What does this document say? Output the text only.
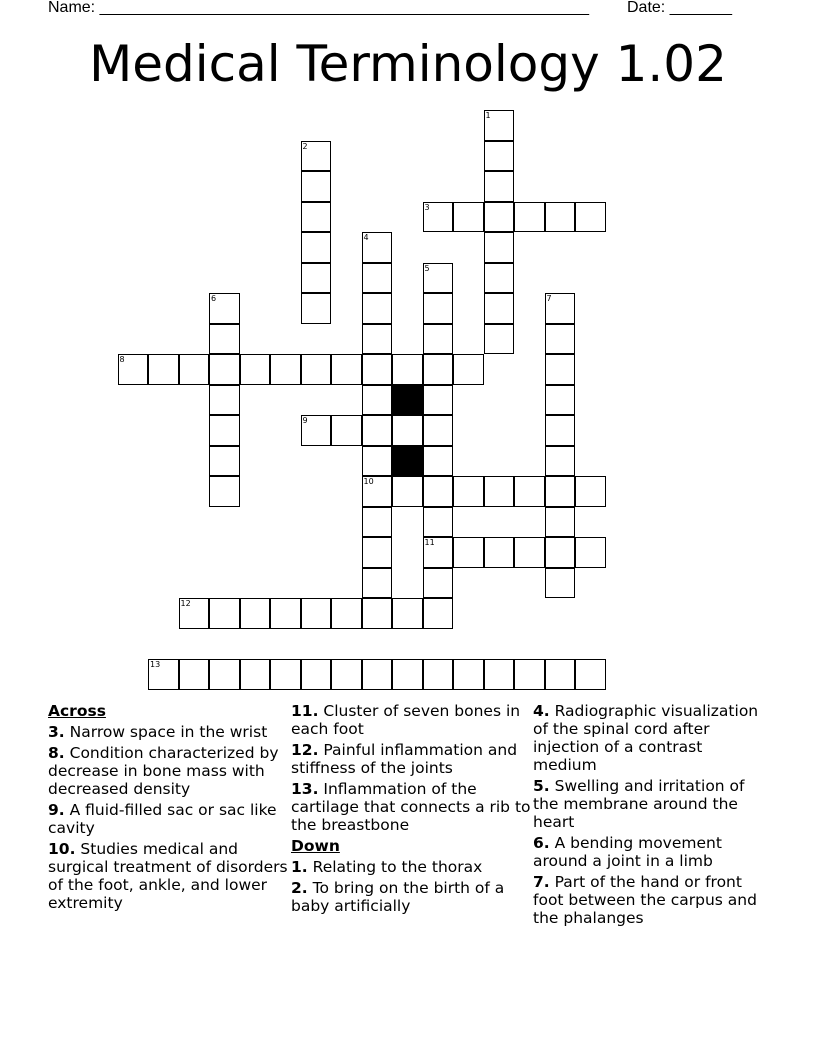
Name: _______________________________________________________ Date: _______
Medical Terminology 1.02
1
2
3
4
10
5
11
6	7
8
9
12
13
Across
3. Narrow space in the wrist
8. Condition characterized by decrease in bone mass with decreased density
9. A fluid-filled sac or sac like cavity
10. Studies medical and surgical treatment of disorders of the foot, ankle, and lower extremity
11. Cluster of seven bones in each foot
12. Painful inflammation and stiffness of the joints
13. Inflammation of the cartilage that connects a rib to the breastbone
Down
1. Relating to the thorax
2. To bring on the birth of a baby artificially
4. Radiographic visualization of the spinal cord after injection of a contrast medium
5. Swelling and irritation of the membrane around the heart
6. A bending movement around a joint in a limb
7. Part of the hand or front foot between the carpus and the phalanges
